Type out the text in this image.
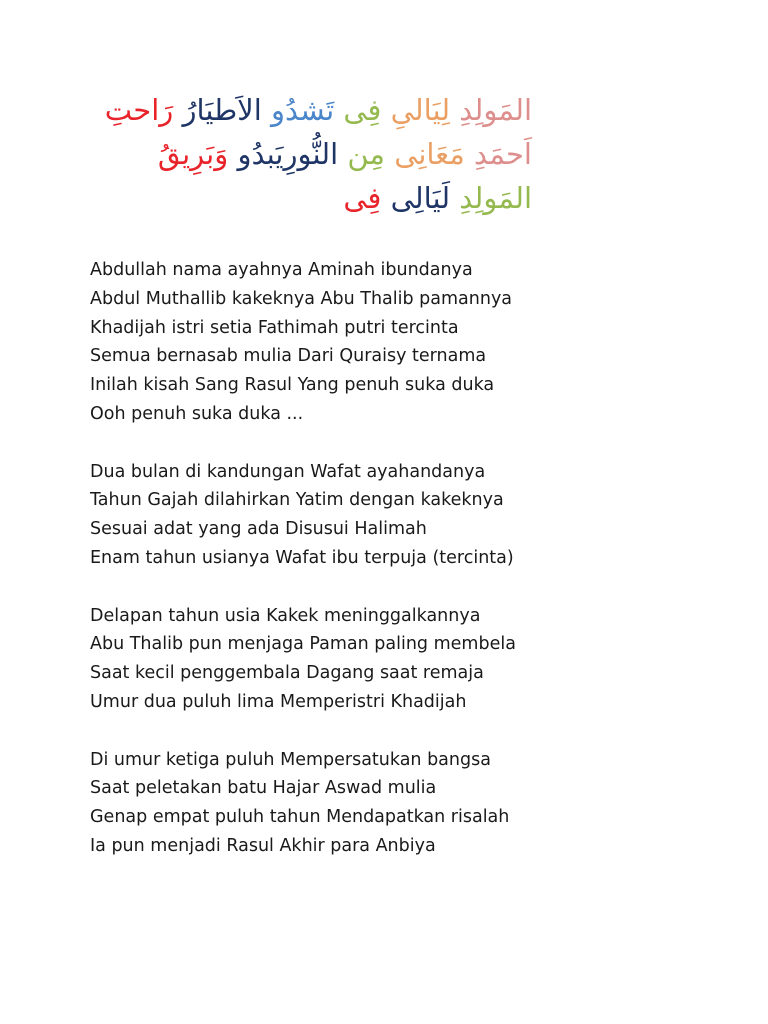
المَولِدِ لِيَالىِ فِى تَشدُو الاَطيَارُ رَاحتِ
اَحمَدِ مَعَانِى مِن النُّورِيَبدُو وَبَرِيقُ
المَولِدِ لَيَالِى فِى
Abdullah nama ayahnya Aminah ibundanya
Abdul Muthallib kakeknya Abu Thalib pamannya
Khadijah istri setia Fathimah putri tercinta
Semua bernasab mulia Dari Quraisy ternama
Inilah kisah Sang Rasul Yang penuh suka duka
Ooh penuh suka duka ...
Dua bulan di kandungan Wafat ayahandanya
Tahun Gajah dilahirkan Yatim dengan kakeknya
Sesuai adat yang ada Disusui Halimah
Enam tahun usianya Wafat ibu terpuja (tercinta)
Delapan tahun usia Kakek meninggalkannya
Abu Thalib pun menjaga Paman paling membela
Saat kecil penggembala Dagang saat remaja
Umur dua puluh lima Memperistri Khadijah
Di umur ketiga puluh Mempersatukan bangsa
Saat peletakan batu Hajar Aswad mulia
Genap empat puluh tahun Mendapatkan risalah
Ia pun menjadi Rasul Akhir para Anbiya
